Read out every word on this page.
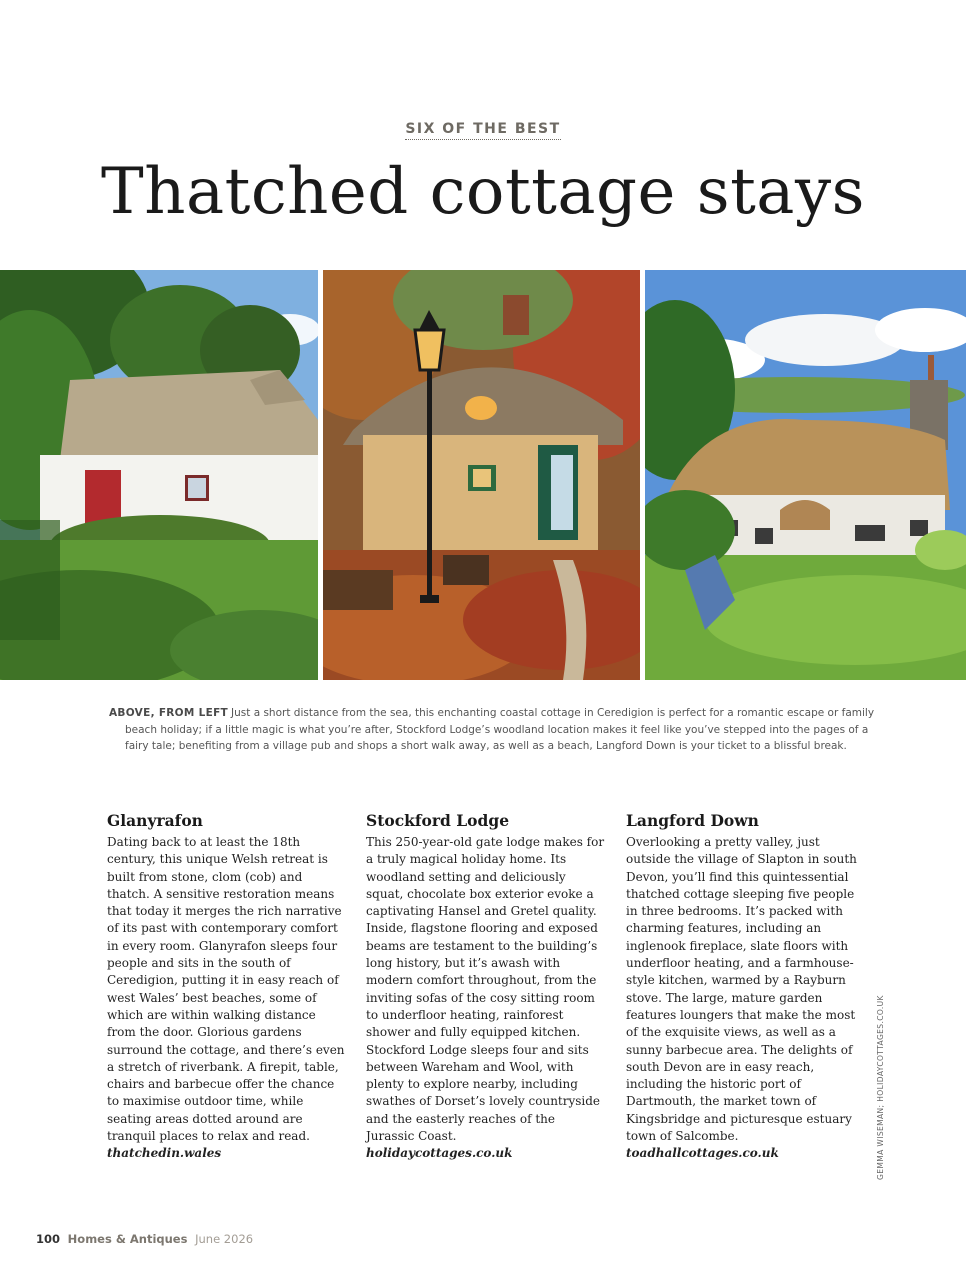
SIX OF THE BEST
Thatched cottage stays
ABOVE, FROM LEFT Just a short distance from the sea, this enchanting coastal cottage in Ceredigion is perfect for a romantic escape or family beach holiday; if a little magic is what you’re after, Stockford Lodge’s woodland location makes it feel like you’ve stepped into the pages of a fairy tale; benefiting from a village pub and shops a short walk away, as well as a beach, Langford Down is your ticket to a blissful break.
Glanyrafon

Dating back to at least the 18th century, this unique Welsh retreat is built from stone, clom (cob) and thatch. A sensitive restoration means that today it merges the rich narrative of its past with contemporary comfort in every room. Glanyrafon sleeps four people and sits in the south of Ceredigion, putting it in easy reach of west Wales’ best beaches, some of which are within walking distance from the door. Glorious gardens surround the cottage, and there’s even a stretch of riverbank. A firepit, table, chairs and barbecue offer the chance to maximise outdoor time, while seating areas dotted around are tranquil places to relax and read. thatchedin.wales

Stockford Lodge

This 250-year-old gate lodge makes for a truly magical holiday home. Its woodland setting and deliciously squat, chocolate box exterior evoke a captivating Hansel and Gretel quality. Inside, flagstone flooring and exposed beams are testament to the building’s long history, but it’s awash with modern comfort throughout, from the inviting sofas of the cosy sitting room to underfloor heating, rainforest shower and fully equipped kitchen. Stockford Lodge sleeps four and sits between Wareham and Wool, with plenty to explore nearby, including swathes of Dorset’s lovely countryside and the easterly reaches of the Jurassic Coast. holidaycottages.co.uk

Langford Down

Overlooking a pretty valley, just outside the village of Slapton in south Devon, you’ll find this quintessential thatched cottage sleeping five people in three bedrooms. It’s packed with charming features, including an inglenook fireplace, slate floors with underfloor heating, and a farmhouse-style kitchen, warmed by a Rayburn stove. The large, mature garden features loungers that make the most of the exquisite views, as well as a sunny barbecue area. The delights of south Devon are in easy reach, including the historic port of Dartmouth, the market town of Kingsbridge and picturesque estuary town of Salcombe. toadhallcottages.co.uk	GEMMA WISEMAN; HOLIDAYCOTTAGES.CO.UK
100 Homes & Antiques June 2026
